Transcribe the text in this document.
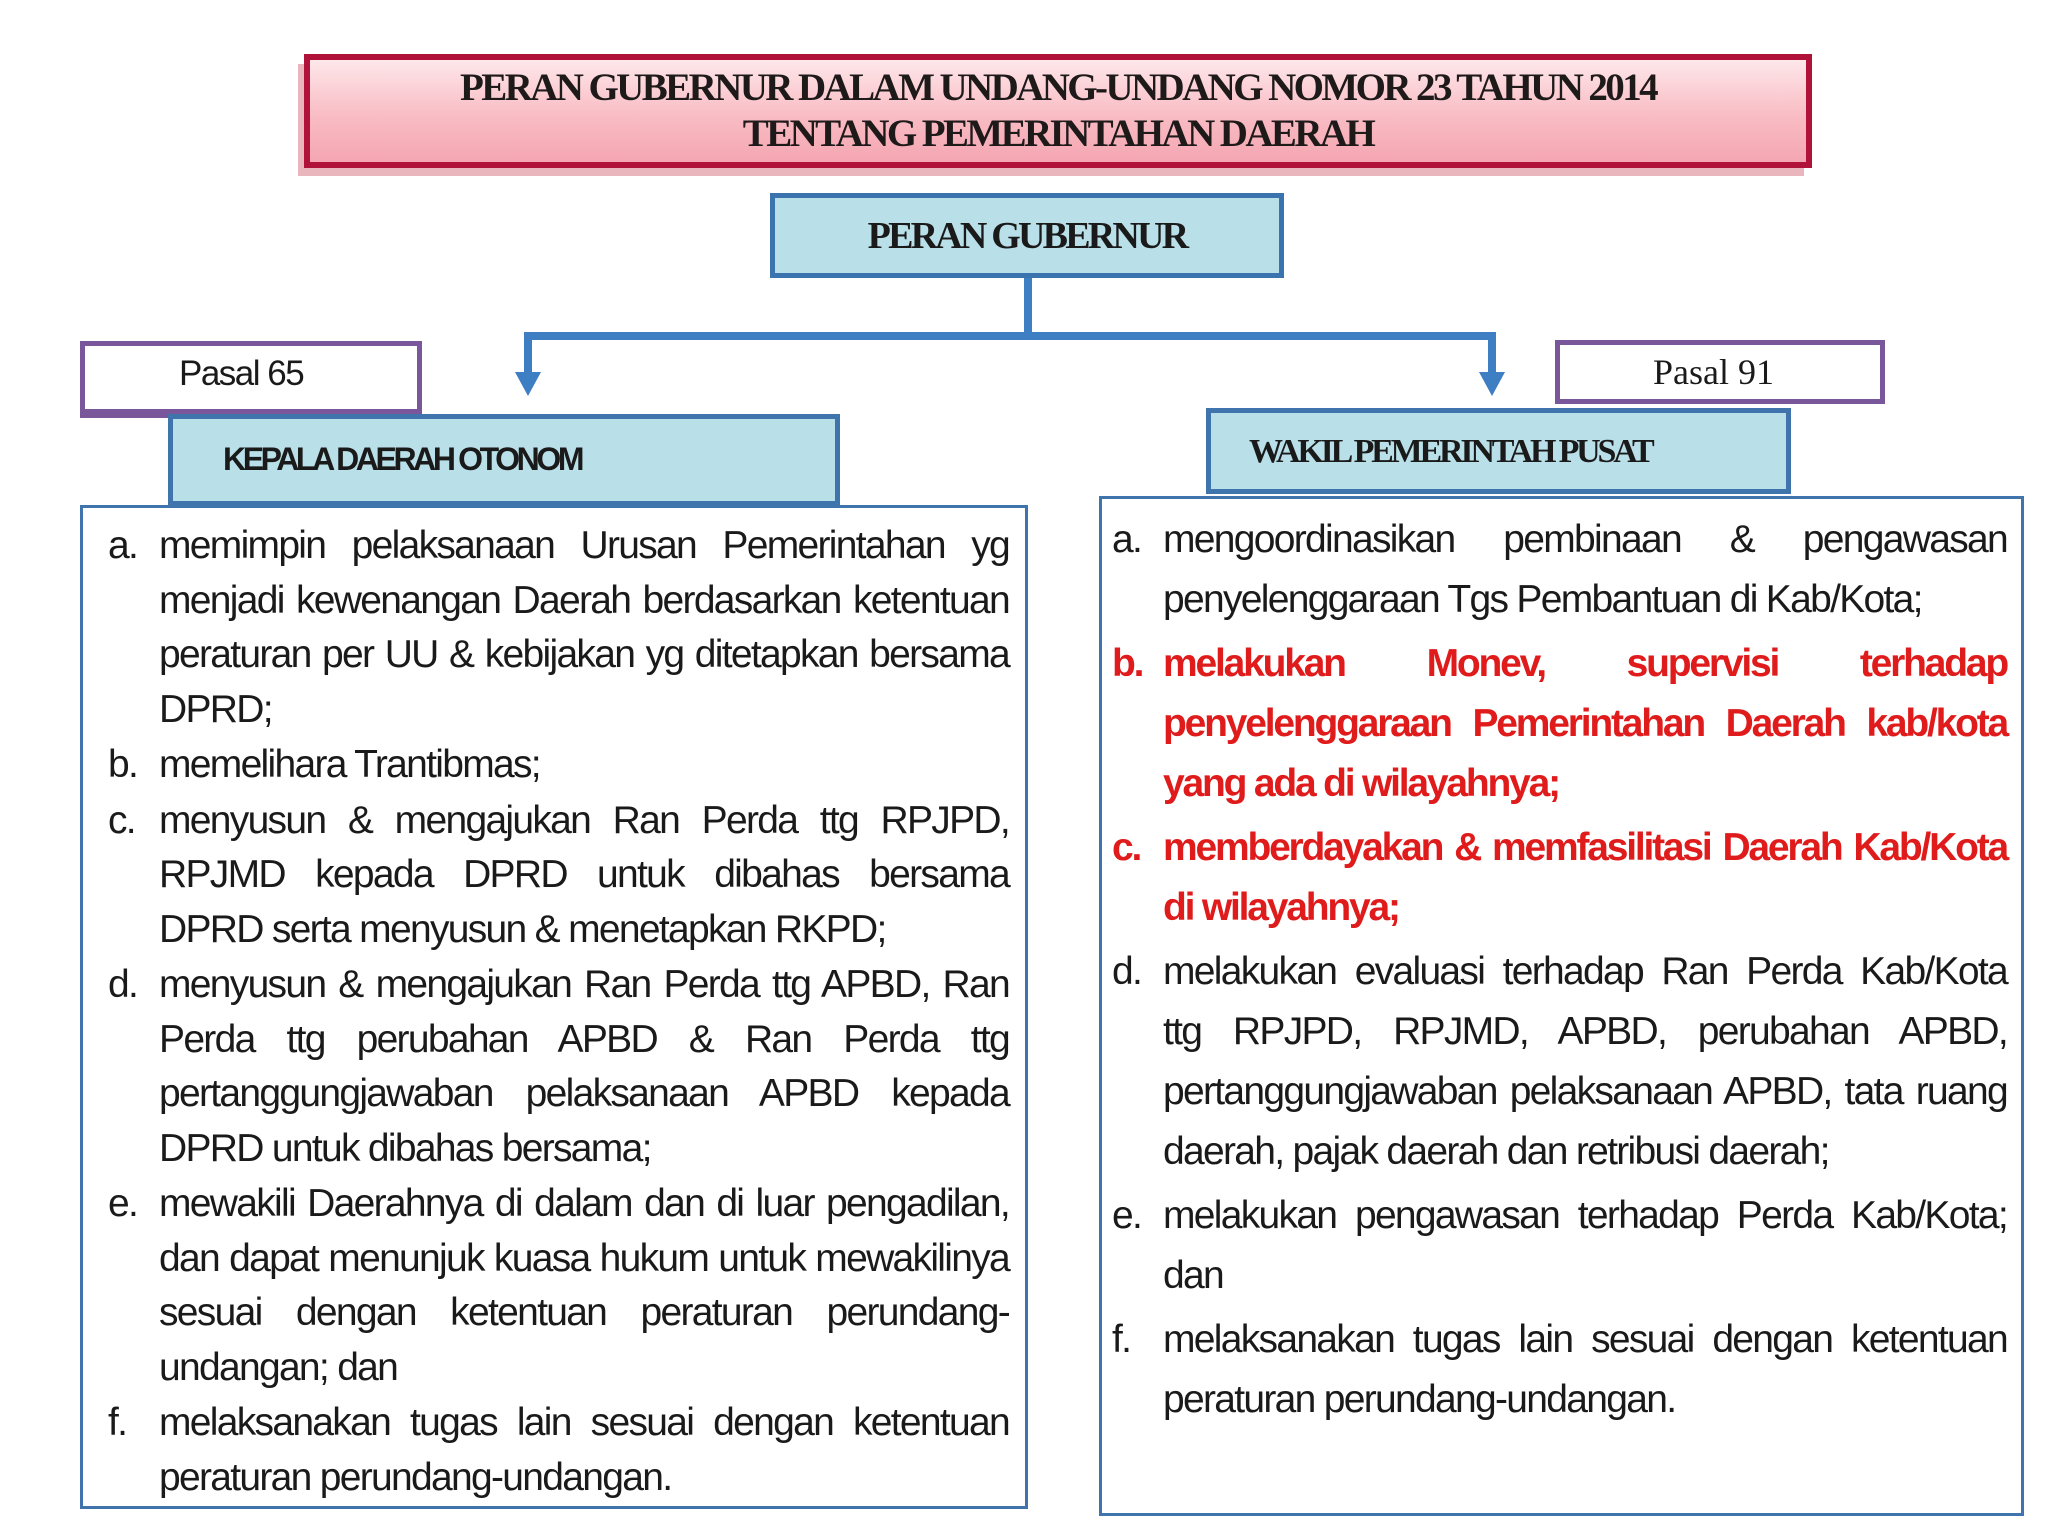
PERAN GUBERNUR DALAM UNDANG-UNDANG NOMOR 23 TAHUN 2014
TENTANG PEMERINTAHAN DAERAH
PERAN GUBERNUR
Pasal 65	Pasal 91
KEPALA DAERAH OTONOM	WAKIL PEMERINTAH PUSAT
a. memimpin pelaksanaan Urusan Pemerintahan yg menjadi kewenangan Daerah berdasarkan ketentuan peraturan per UU & kebijakan yg ditetapkan bersama DPRD;
b. memelihara Trantibmas;
c. menyusun & mengajukan Ran Perda ttg RPJPD, RPJMD kepada DPRD untuk dibahas bersama DPRD serta menyusun & menetapkan RKPD;
d. menyusun & mengajukan Ran Perda ttg APBD, Ran Perda ttg perubahan APBD & Ran Perda ttg pertanggungjawaban pelaksanaan APBD kepada DPRD untuk dibahas bersama;
e. mewakili Daerahnya di dalam dan di luar pengadilan, dan dapat menunjuk kuasa hukum untuk mewakilinya sesuai dengan ketentuan peraturan perundang-undangan; dan
f. melaksanakan tugas lain sesuai dengan ketentuan peraturan perundang-undangan.
a. mengoordinasikan pembinaan & pengawasan penyelenggaraan Tgs Pembantuan di Kab/Kota;
b. melakukan Monev, supervisi terhadap penyelenggaraan Pemerintahan Daerah kab/kota yang ada di wilayahnya;
c. memberdayakan & memfasilitasi Daerah Kab/Kota di wilayahnya;
d. melakukan evaluasi terhadap Ran Perda Kab/Kota ttg RPJPD, RPJMD, APBD, perubahan APBD, pertanggungjawaban pelaksanaan APBD, tata ruang daerah, pajak daerah dan retribusi daerah;
e. melakukan pengawasan terhadap Perda Kab/Kota; dan
f. melaksanakan tugas lain sesuai dengan ketentuan peraturan perundang-undangan.
